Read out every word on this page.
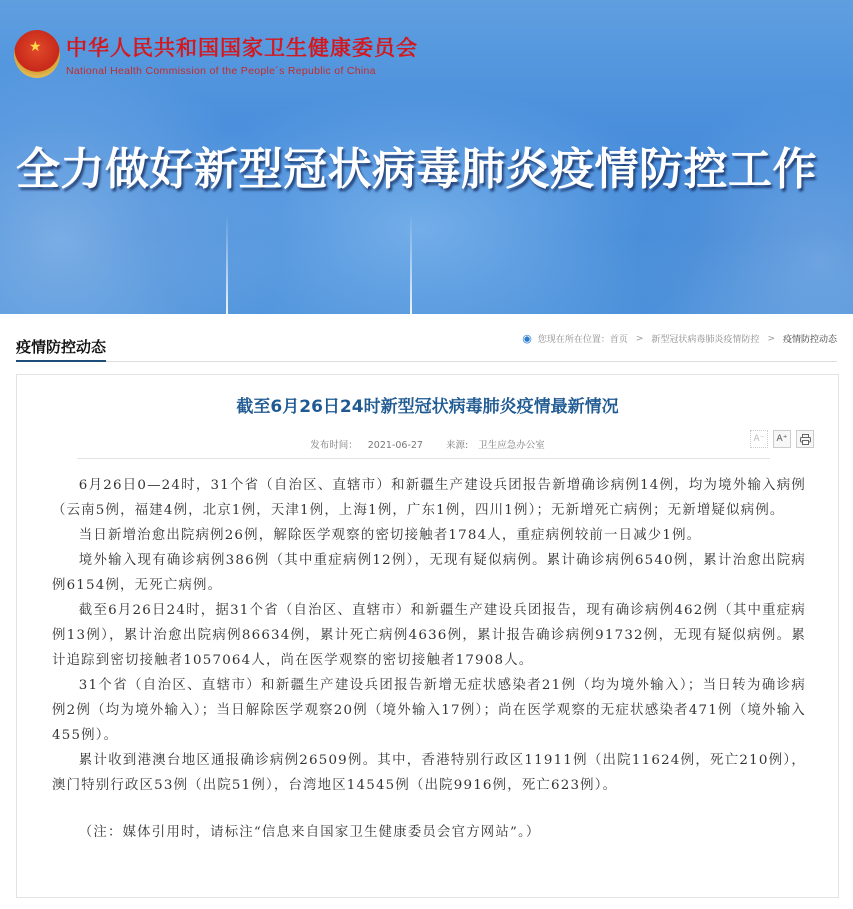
★
中华人民共和国国家卫生健康委员会
National Health Commission of the People´s Republic of China
全力做好新型冠状病毒肺炎疫情防控工作
疫情防控动态	◉ 您现在所在位置： 首页 > 新型冠状病毒肺炎疫情防控 > 疫情防控动态
截至6月26日24时新型冠状病毒肺炎疫情最新情况
发布时间： 2021-06-27 来源: 卫生应急办公室
A⁻	A⁺

6月26日0—24时，31个省（自治区、直辖市）和新疆生产建设兵团报告新增确诊病例14例，均为境外输入病例（云南5例，福建4例，北京1例，天津1例，上海1例，广东1例，四川1例）；无新增死亡病例；无新增疑似病例。

当日新增治愈出院病例26例，解除医学观察的密切接触者1784人，重症病例较前一日减少1例。

境外输入现有确诊病例386例（其中重症病例12例），无现有疑似病例。累计确诊病例6540例，累计治愈出院病例6154例，无死亡病例。

截至6月26日24时，据31个省（自治区、直辖市）和新疆生产建设兵团报告，现有确诊病例462例（其中重症病例13例），累计治愈出院病例86634例，累计死亡病例4636例，累计报告确诊病例91732例，无现有疑似病例。累计追踪到密切接触者1057064人，尚在医学观察的密切接触者17908人。

31个省（自治区、直辖市）和新疆生产建设兵团报告新增无症状感染者21例（均为境外输入）；当日转为确诊病例2例（均为境外输入）；当日解除医学观察20例（境外输入17例）；尚在医学观察的无症状感染者471例（境外输入455例）。

累计收到港澳台地区通报确诊病例26509例。其中，香港特别行政区11911例（出院11624例，死亡210例），澳门特别行政区53例（出院51例），台湾地区14545例（出院9916例，死亡623例）。

（注：媒体引用时，请标注“信息来自国家卫生健康委员会官方网站”。）
